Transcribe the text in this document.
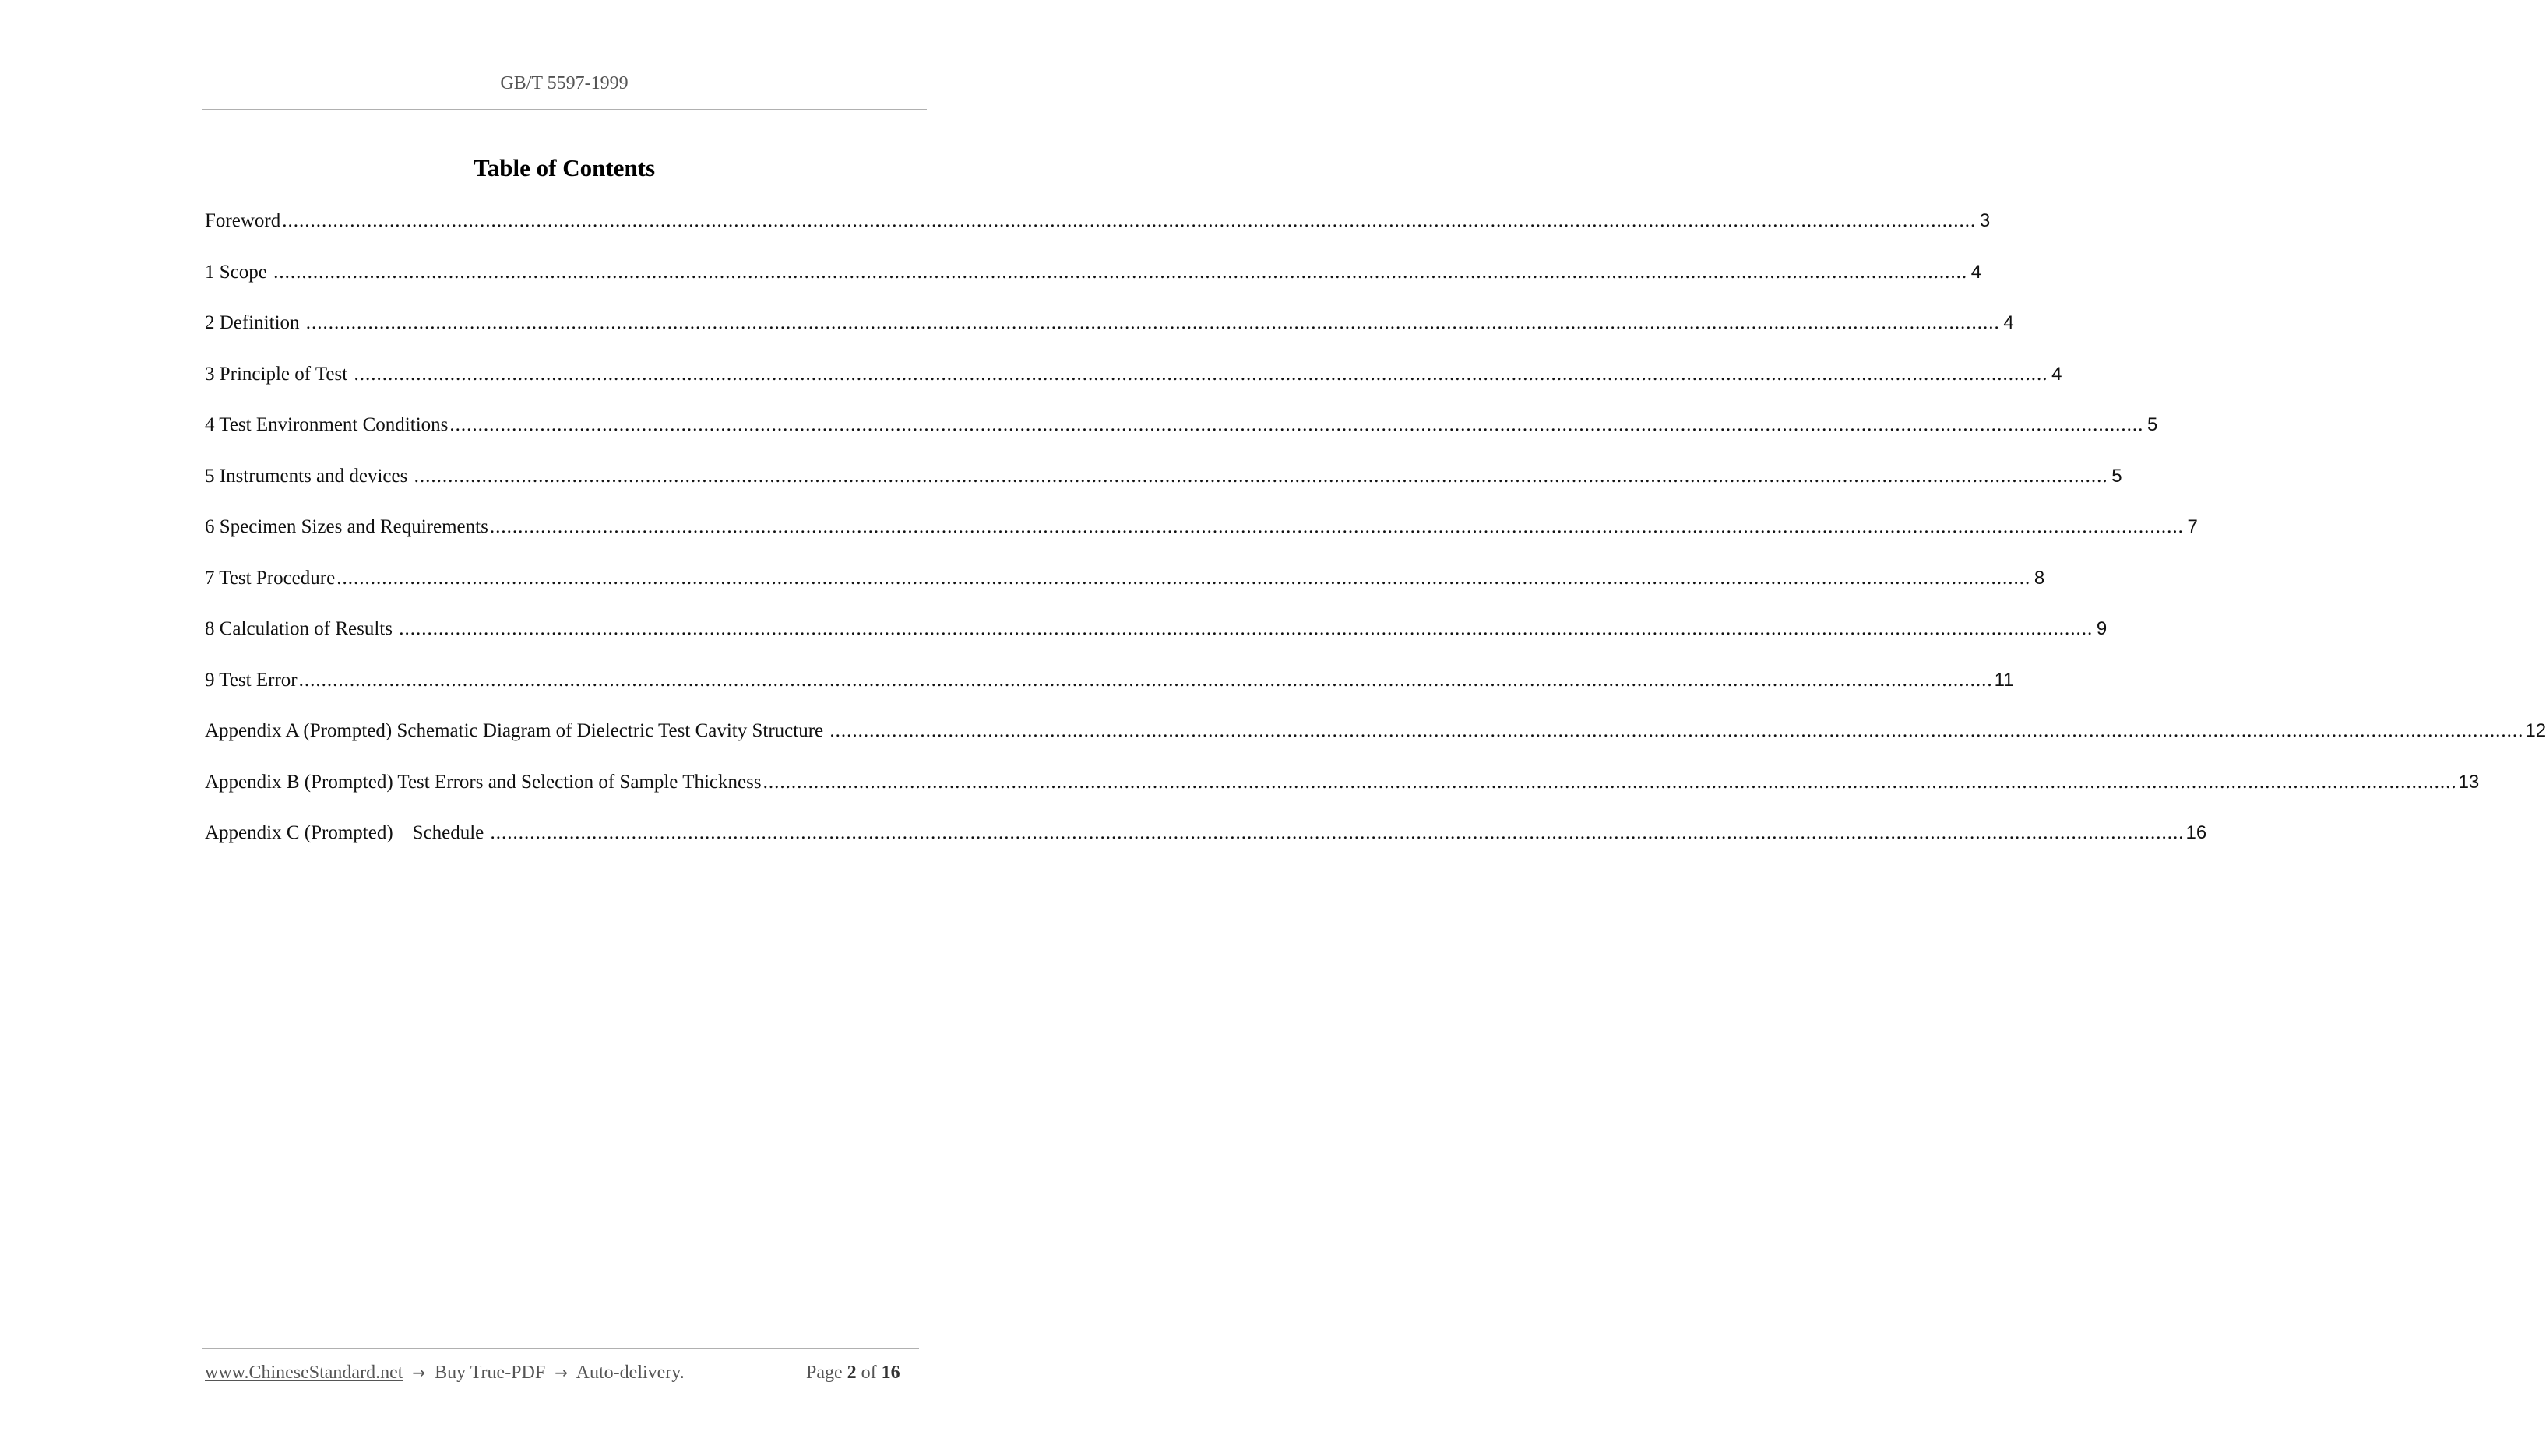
GB/T 5597-1999
Table of Contents
Foreword ............................................................................................................................................................................................................................................................................................................ 3
1 Scope ............................................................................................................................................................................................................................................................................................................ 4
2 Definition ............................................................................................................................................................................................................................................................................................................ 4
3 Principle of Test ............................................................................................................................................................................................................................................................................................................ 4
4 Test Environment Conditions ............................................................................................................................................................................................................................................................................................................ 5
5 Instruments and devices ............................................................................................................................................................................................................................................................................................................ 5
6 Specimen Sizes and Requirements ............................................................................................................................................................................................................................................................................................................ 7
7 Test Procedure ............................................................................................................................................................................................................................................................................................................ 8
8 Calculation of Results ............................................................................................................................................................................................................................................................................................................ 9
9 Test Error ............................................................................................................................................................................................................................................................................................................ 11
Appendix A (Prompted) Schematic Diagram of Dielectric Test Cavity Structure ............................................................................................................................................................................................................................................................................................................ 12
Appendix B (Prompted) Test Errors and Selection of Sample Thickness ............................................................................................................................................................................................................................................................................................................ 13
Appendix C (Prompted)    Schedule ............................................................................................................................................................................................................................................................................................................ 16
www.ChineseStandard.net → Buy True-PDF → Auto-delivery.	Page 2 of 16
